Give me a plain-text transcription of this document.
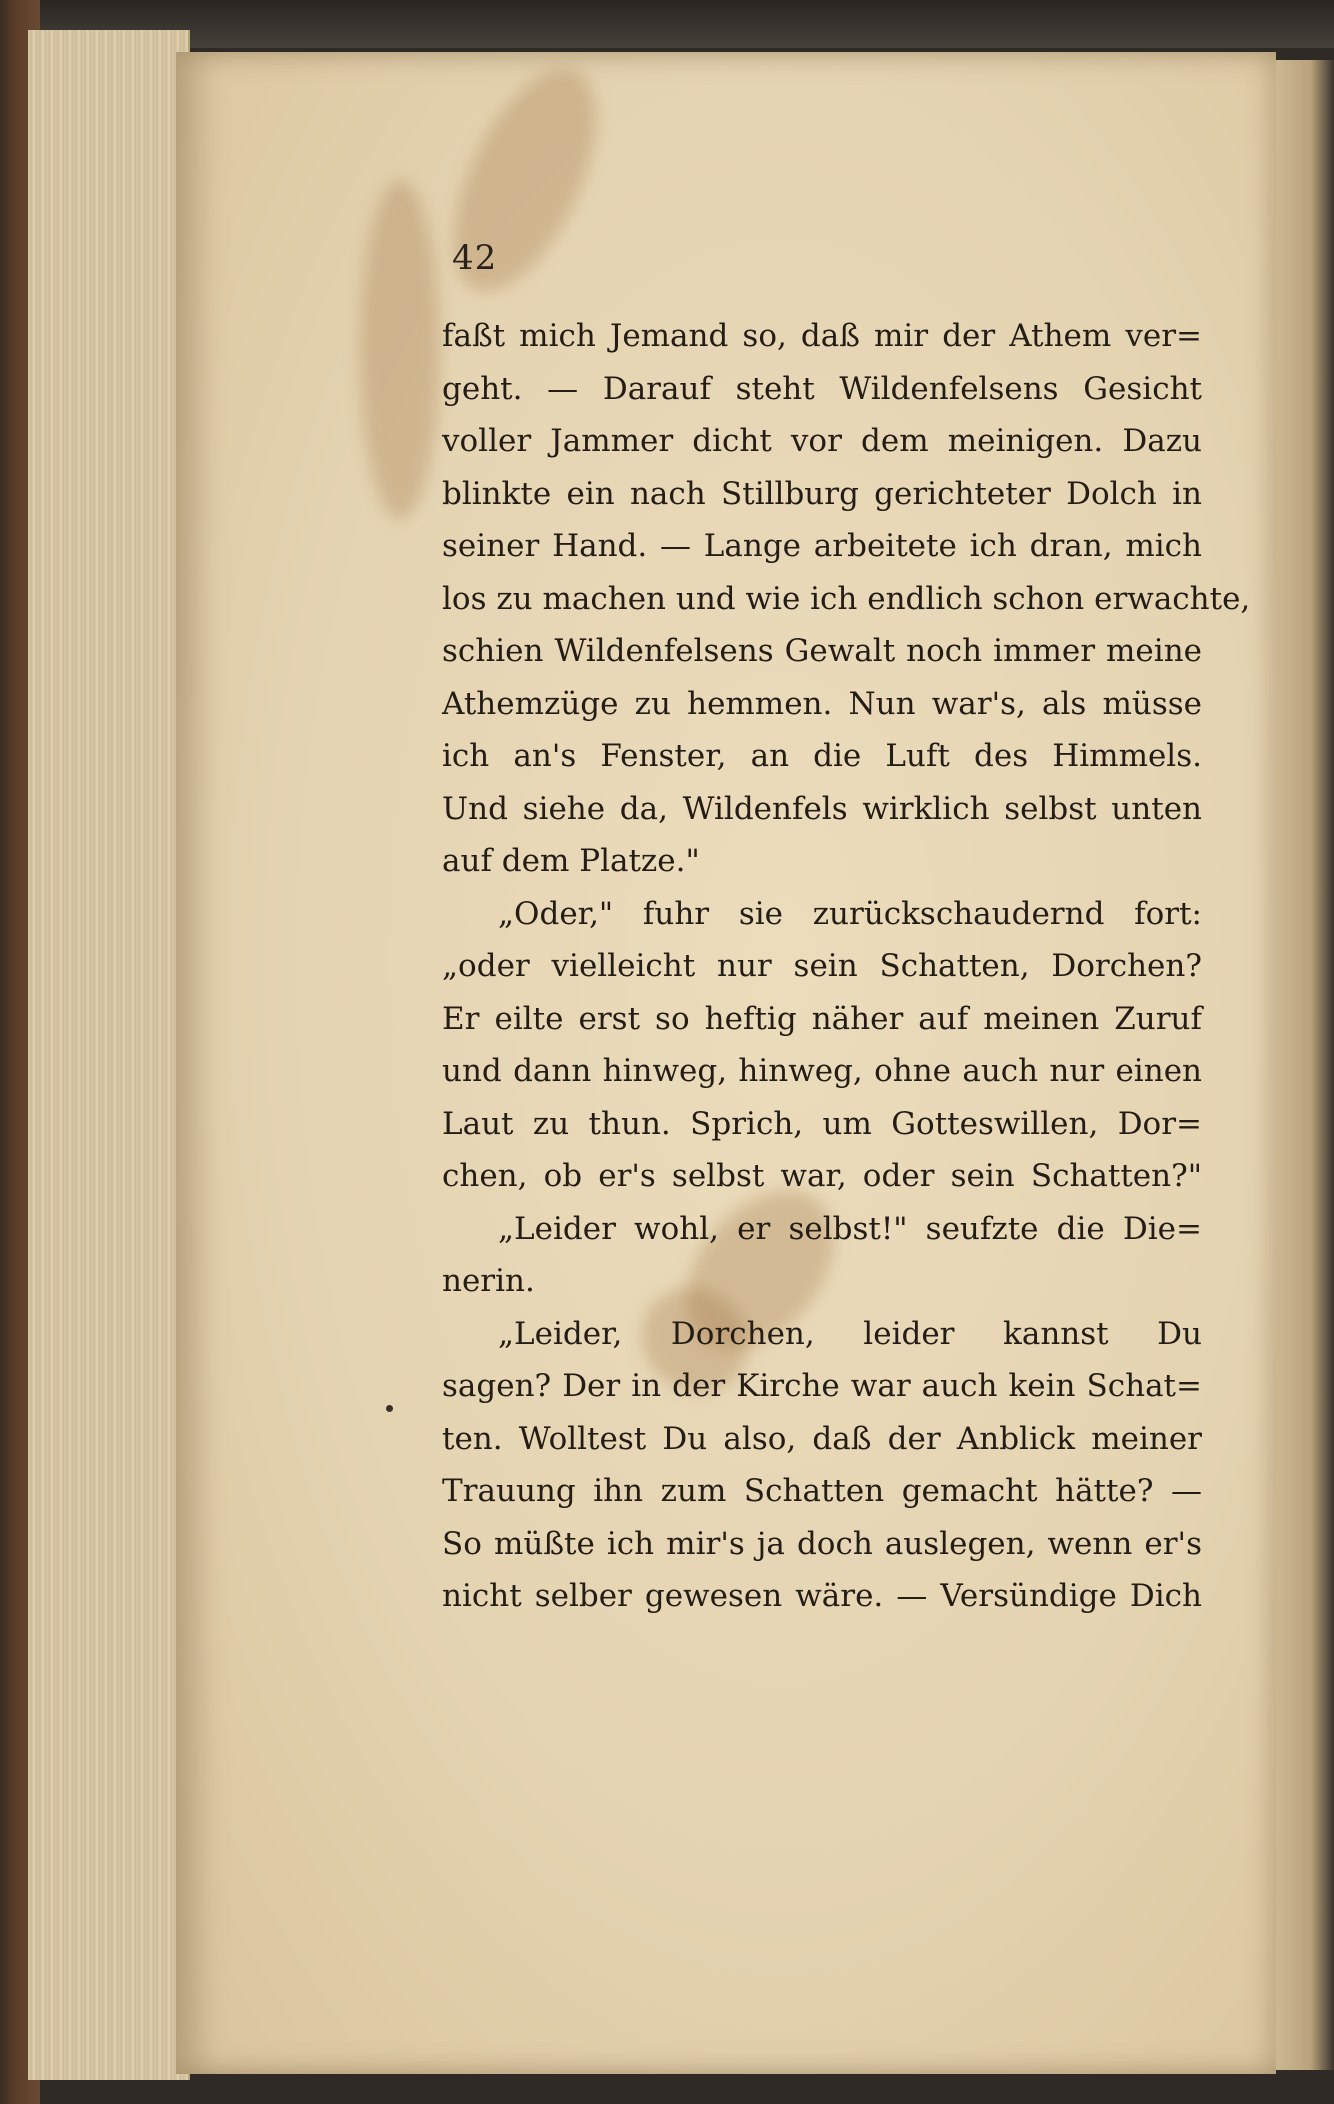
42
faßt mich Jemand so, daß mir der Athem ver=
geht. — Darauf steht Wildenfelsens Gesicht
voller Jammer dicht vor dem meinigen. Dazu
blinkte ein nach Stillburg gerichteter Dolch in
seiner Hand. — Lange arbeitete ich dran, mich
los zu machen und wie ich endlich schon erwachte,
schien Wildenfelsens Gewalt noch immer meine
Athemzüge zu hemmen. Nun war's, als müsse
ich an's Fenster, an die Luft des Himmels.
Und siehe da, Wildenfels wirklich selbst unten
auf dem Platze."
„Oder," fuhr sie zurückschaudernd fort:
„oder vielleicht nur sein Schatten, Dorchen?
Er eilte erst so heftig näher auf meinen Zuruf
und dann hinweg, hinweg, ohne auch nur einen
Laut zu thun. Sprich, um Gotteswillen, Dor=
chen, ob er's selbst war, oder sein Schatten?"
„Leider wohl, er selbst!" seufzte die Die=
nerin.
„Leider, Dorchen, leider kannst Du
sagen? Der in der Kirche war auch kein Schat=
ten. Wolltest Du also, daß der Anblick meiner
Trauung ihn zum Schatten gemacht hätte? —
So müßte ich mir's ja doch auslegen, wenn er's
nicht selber gewesen wäre. — Versündige Dich
